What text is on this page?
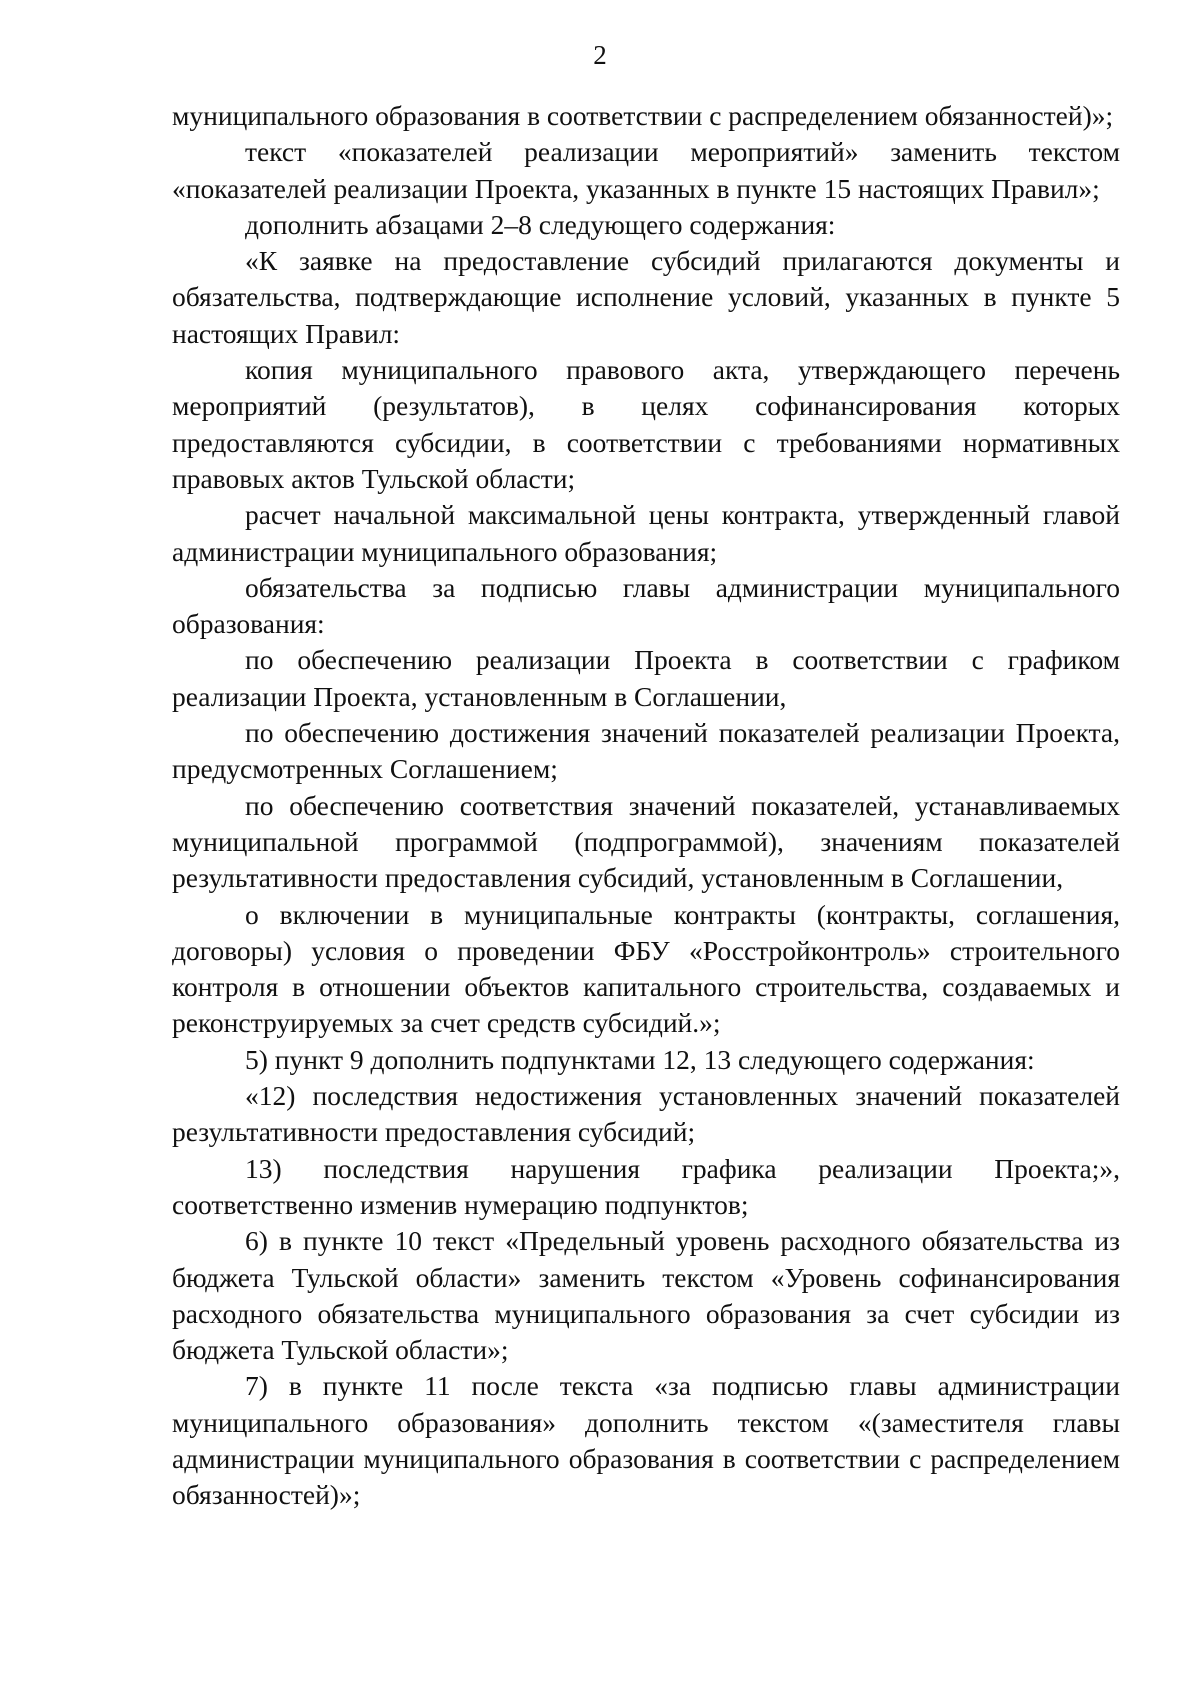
2

муниципального образования в соответствии с распределением обязанностей)»;

текст «показателей реализации мероприятий» заменить текстом «показателей реализации Проекта, указанных в пункте 15 настоящих Правил»;

дополнить абзацами 2–8 следующего содержания:

«К заявке на предоставление субсидий прилагаются документы и обязательства, подтверждающие исполнение условий, указанных в пункте 5 настоящих Правил:

копия муниципального правового акта, утверждающего перечень мероприятий (результатов), в целях софинансирования которых предоставляются субсидии, в соответствии с требованиями нормативных правовых актов Тульской области;

расчет начальной максимальной цены контракта, утвержденный главой администрации муниципального образования;

обязательства за подписью главы администрации муниципального образования:

по обеспечению реализации Проекта в соответствии с графиком реализации Проекта, установленным в Соглашении,

по обеспечению достижения значений показателей реализации Проекта, предусмотренных Соглашением;

по обеспечению соответствия значений показателей, устанавливаемых муниципальной программой (подпрограммой), значениям показателей результативности предоставления субсидий, установленным в Соглашении,

о включении в муниципальные контракты (контракты, соглашения, договоры) условия о проведении ФБУ «Росстройконтроль» строительного контроля в отношении объектов капитального строительства, создаваемых и реконструируемых за счет средств субсидий.»;

5) пункт 9 дополнить подпунктами 12, 13 следующего содержания:

«12) последствия недостижения установленных значений показателей результативности предоставления субсидий;

13) последствия нарушения графика реализации Проекта;», соответственно изменив нумерацию подпунктов;

6) в пункте 10 текст «Предельный уровень расходного обязательства из бюджета Тульской области» заменить текстом «Уровень софинансирования расходного обязательства муниципального образования за счет субсидии из бюджета Тульской области»;

7) в пункте 11 после текста «за подписью главы администрации муниципального образования» дополнить текстом «(заместителя главы администрации муниципального образования в соответствии с распределением обязанностей)»;
